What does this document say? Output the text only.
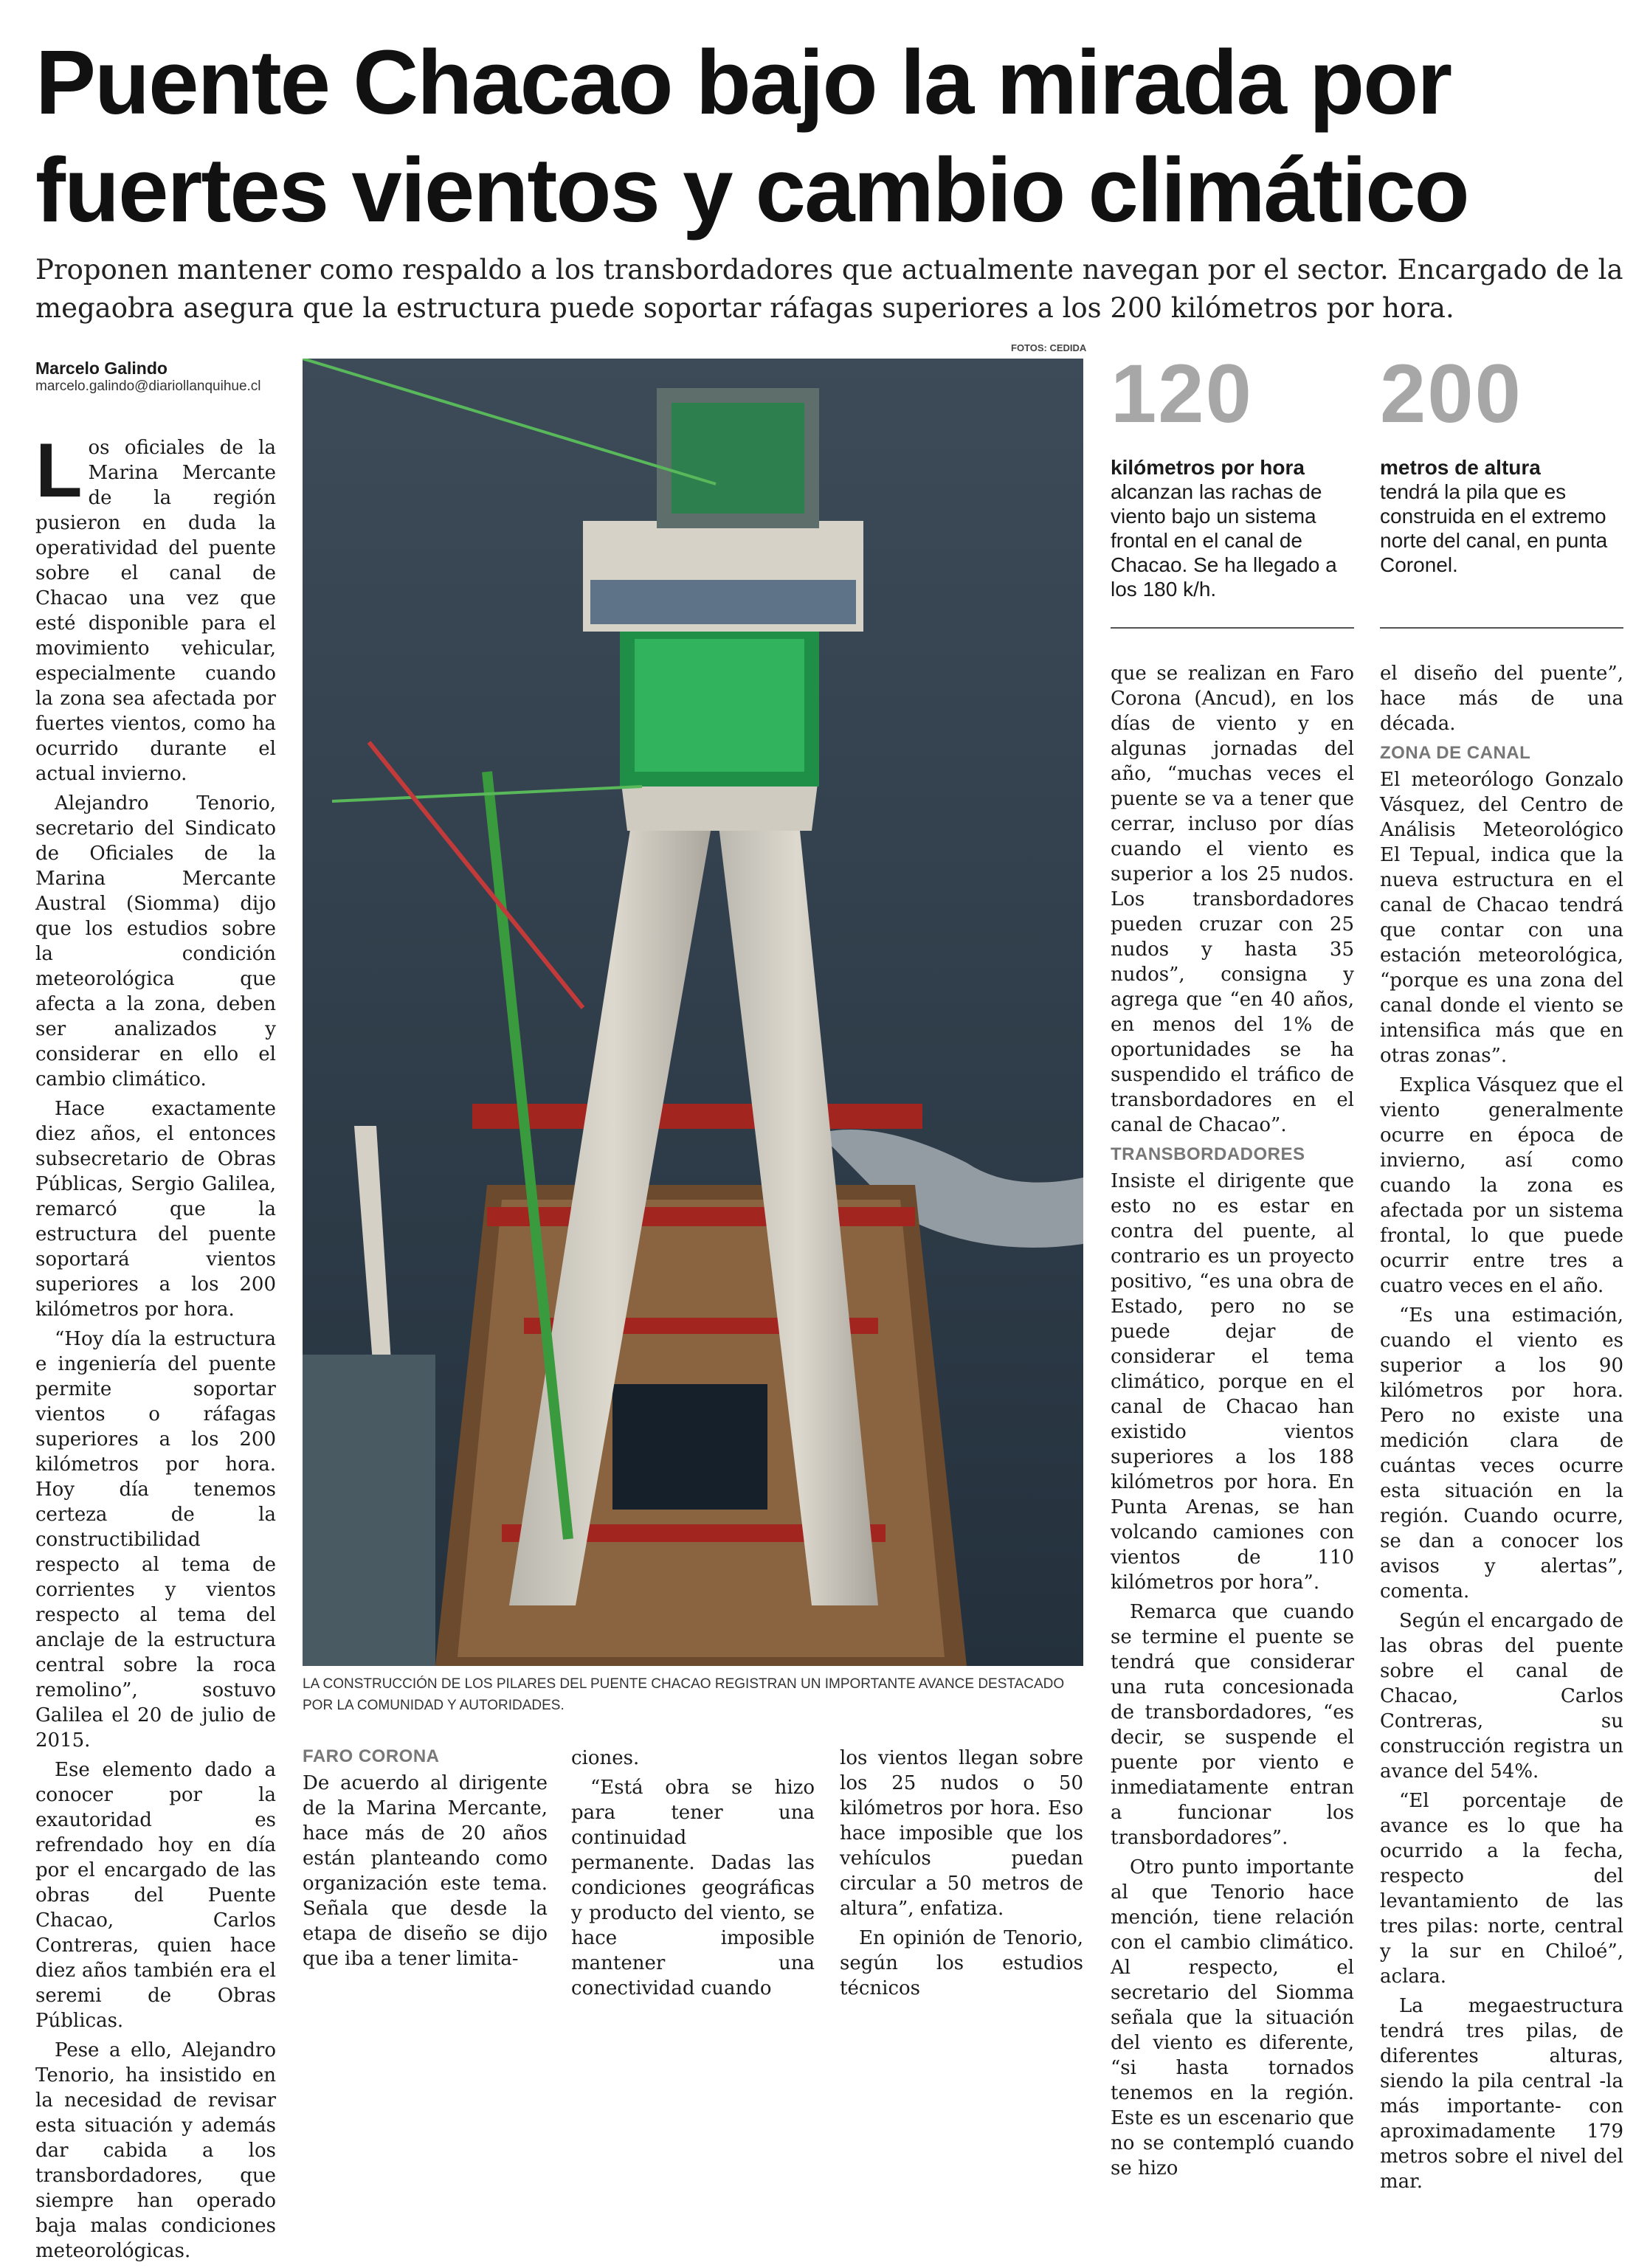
Puente Chacao bajo la mirada por
fuertes vientos y cambio climático
Proponen mantener como respaldo a los transbordadores que actualmente navegan por el sector. Encargado de la megaobra asegura que la estructura puede soportar ráfagas superiores a los 200 kilómetros por hora.
Marcelo Galindo
marcelo.galindo@diariollanquihue.cl
FOTOS: CEDIDA

Los oficiales de la Marina Mercante de la región pusieron en duda la operatividad del puente sobre el canal de Chacao una vez que esté disponible para el movimiento vehicular, especialmente cuando la zona sea afectada por fuertes vientos, como ha ocurrido durante el actual invierno.

Alejandro Tenorio, secretario del Sindicato de Oficiales de la Marina Mercante Austral (Siomma) dijo que los estudios sobre la condición meteorológica que afecta a la zona, deben ser analizados y considerar en ello el cambio climático.

Hace exactamente diez años, el entonces subsecretario de Obras Públicas, Sergio Galilea, remarcó que la estructura del puente soportará vientos superiores a los 200 kilómetros por hora.

“Hoy día la estructura e ingeniería del puente permite soportar vientos o ráfagas superiores a los 200 kilómetros por hora. Hoy día tenemos certeza de la constructibilidad respecto al tema de corrientes y vientos respecto al tema del anclaje de la estructura central sobre la roca remolino”, sostuvo Galilea el 20 de julio de 2015.

Ese elemento dado a conocer por la exautoridad es refrendado hoy en día por el encargado de las obras del Puente Chacao, Carlos Contreras, quien hace diez años también era el seremi de Obras Públicas.

Pese a ello, Alejandro Tenorio, ha insistido en la necesidad de revisar esta situación y además dar cabida a los transbordadores, que siempre han operado baja malas condiciones meteorológicas.

LA CONSTRUCCIÓN DE LOS PILARES DEL PUENTE CHACAO REGISTRAN UN IMPORTANTE AVANCE DESTACADO POR LA COMUNIDAD Y AUTORIDADES.
120
kilómetros por hora
alcanzan las rachas de viento bajo un sistema frontal en el canal de Chacao. Se ha llegado a los 180 k/h.
200
metros de altura
tendrá la pila que es construida en el extremo norte del canal, en punta Coronel.
FARO CORONA

De acuerdo al dirigente de la Marina Mercante, hace más de 20 años están planteando como organización este tema. Señala que desde la etapa de diseño se dijo que iba a tener limita-

ciones.

“Está obra se hizo para tener una continuidad permanente. Dadas las condiciones geográficas y producto del viento, se hace imposible mantener una conectividad cuando

los vientos llegan sobre los 25 nudos o 50 kilómetros por hora. Eso hace imposible que los vehículos puedan circular a 50 metros de altura”, enfatiza.

En opinión de Tenorio, según los estudios técnicos

que se realizan en Faro Corona (Ancud), en los días de viento y en algunas jornadas del año, “muchas veces el puente se va a tener que cerrar, incluso por días cuando el viento es superior a los 25 nudos. Los transbordadores pueden cruzar con 25 nudos y hasta 35 nudos”, consigna y agrega que “en 40 años, en menos del 1% de oportunidades se ha suspendido el tráfico de transbordadores en el canal de Chacao”.

TRANSBORDADORES

Insiste el dirigente que esto no es estar en contra del puente, al contrario es un proyecto positivo, “es una obra de Estado, pero no se puede dejar de considerar el tema climático, porque en el canal de Chacao han existido vientos superiores a los 188 kilómetros por hora. En Punta Arenas, se han volcando camiones con vientos de 110 kilómetros por hora”.

Remarca que cuando se termine el puente se tendrá que considerar una ruta concesionada de transbordadores, “es decir, se suspende el puente por viento e inmediatamente entran a funcionar los transbordadores”.

Otro punto importante al que Tenorio hace mención, tiene relación con el cambio climático. Al respecto, el secretario del Siomma señala que la situación del viento es diferente, “si hasta tornados tenemos en la región. Este es un escenario que no se contempló cuando se hizo

el diseño del puente”, hace más de una década.

ZONA DE CANAL

El meteorólogo Gonzalo Vásquez, del Centro de Análisis Meteorológico El Tepual, indica que la nueva estructura en el canal de Chacao tendrá que contar con una estación meteorológica, “porque es una zona del canal donde el viento se intensifica más que en otras zonas”.

Explica Vásquez que el viento generalmente ocurre en época de invierno, así como cuando la zona es afectada por un sistema frontal, lo que puede ocurrir entre tres a cuatro veces en el año.

“Es una estimación, cuando el viento es superior a los 90 kilómetros por hora. Pero no existe una medición clara de cuántas veces ocurre esta situación en la región. Cuando ocurre, se dan a conocer los avisos y alertas”, comenta.

Según el encargado de las obras del puente sobre el canal de Chacao, Carlos Contreras, su construcción registra un avance del 54%.

“El porcentaje de avance es lo que ha ocurrido a la fecha, respecto del levantamiento de las tres pilas: norte, central y la sur en Chiloé”, aclara.

La megaestructura tendrá tres pilas, de diferentes alturas, siendo la pila central -la más importante- con aproximadamente 179 metros sobre el nivel del mar.
